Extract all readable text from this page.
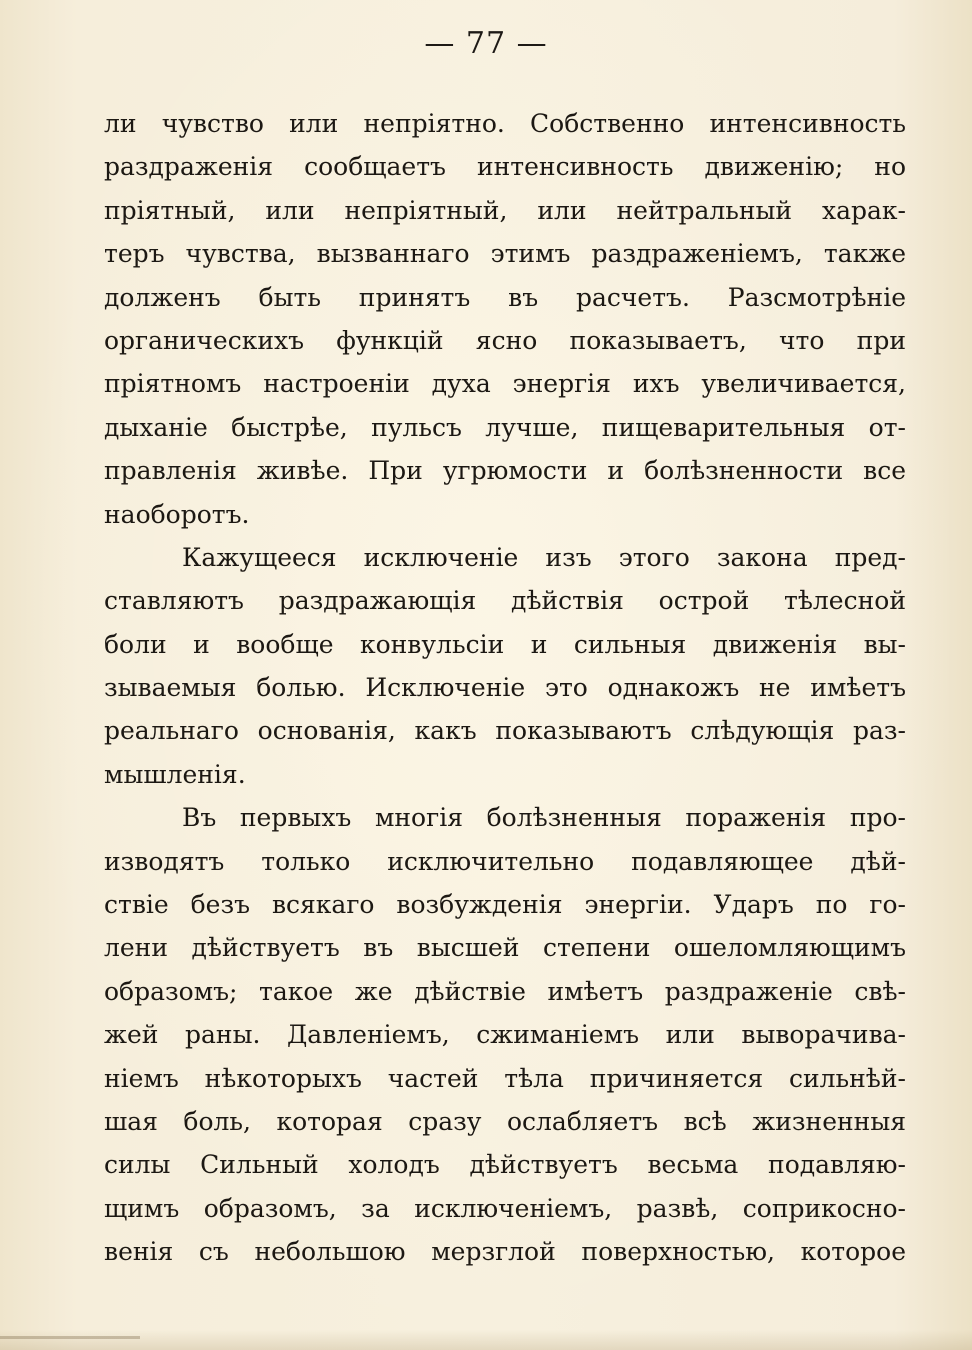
— 77 —
ли чувство или непріятно. Собственно интенсивность
раздраженія сообщаетъ интенсивность движенію; но
пріятный, или непріятный, или нейтральный харак-
теръ чувства, вызваннаго этимъ раздраженіемъ, также
долженъ быть принятъ въ расчетъ. Разсмотрѣніе
органическихъ функцій ясно показываетъ, что при
пріятномъ настроеніи духа энергія ихъ увеличивается,
дыханіе быстрѣе, пульсъ лучше, пищеварительныя от-
правленія живѣе. При угрюмости и болѣзненности все
наоборотъ.
Кажущееся исключеніе изъ этого закона пред-
ставляютъ раздражающія дѣйствія острой тѣлесной
боли и вообще конвульсіи и сильныя движенія вы-
зываемыя болью. Исключеніе это однакожъ не имѣетъ
реальнаго основанія, какъ показываютъ слѣдующія раз-
мышленія.
Въ первыхъ многія болѣзненныя пораженія про-
изводятъ только исключительно подавляющее дѣй-
ствіе безъ всякаго возбужденія энергіи. Ударъ по го-
лени дѣйствуетъ въ высшей степени ошеломляющимъ
образомъ; такое же дѣйствіе имѣетъ раздраженіе свѣ-
жей раны. Давленіемъ, сжиманіемъ или выворачива-
ніемъ нѣкоторыхъ частей тѣла причиняется сильнѣй-
шая боль, которая сразу ослабляетъ всѣ жизненныя
силы Сильный холодъ дѣйствуетъ весьма подавляю-
щимъ образомъ, за исключеніемъ, развѣ, соприкосно-
венія съ небольшою мерзглой поверхностью, которое
